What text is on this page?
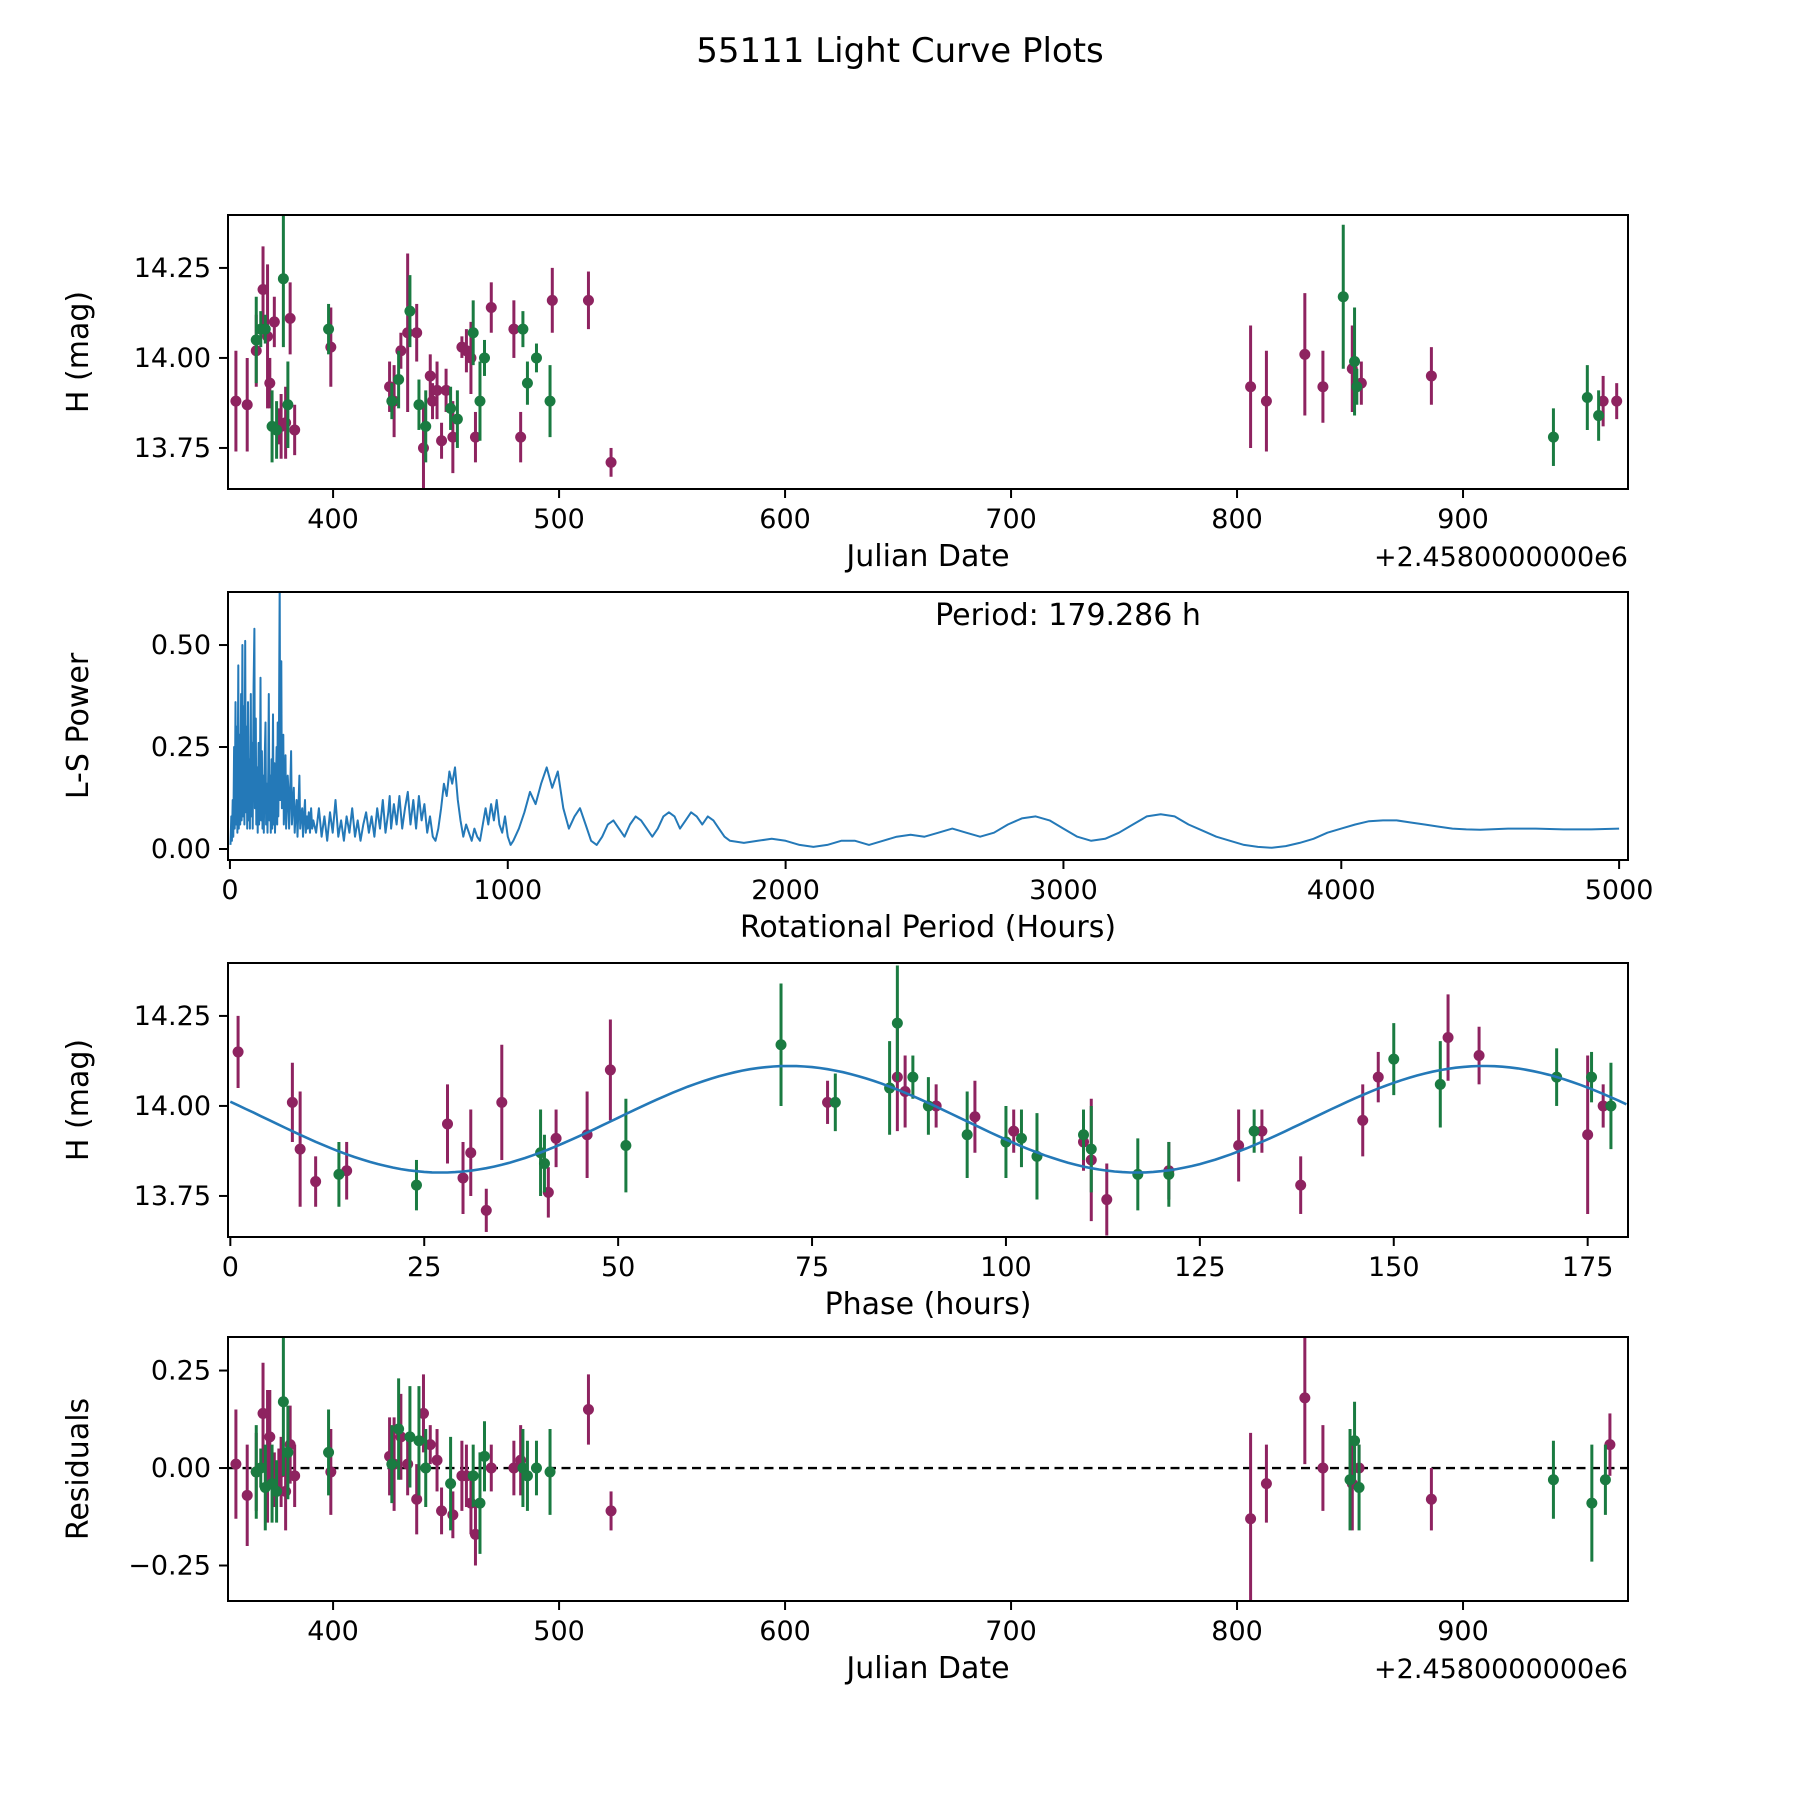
55111 Light Curve Plots
400	500	600	700	800	900
13.75
14.00
14.25
Julian Date
H (mag)
+2.4580000000e6
0	1000	2000	3000	4000	5000
0.00
0.25
0.50
Rotational Period (Hours)
L-S Power
Period: 179.286 h
0	25	50	75	100	125	150	175
13.75
14.00
14.25
Phase (hours)
H (mag)
400	500	600	700	800	900
−0.25
0.00
0.25
Julian Date
Residuals
+2.4580000000e6
